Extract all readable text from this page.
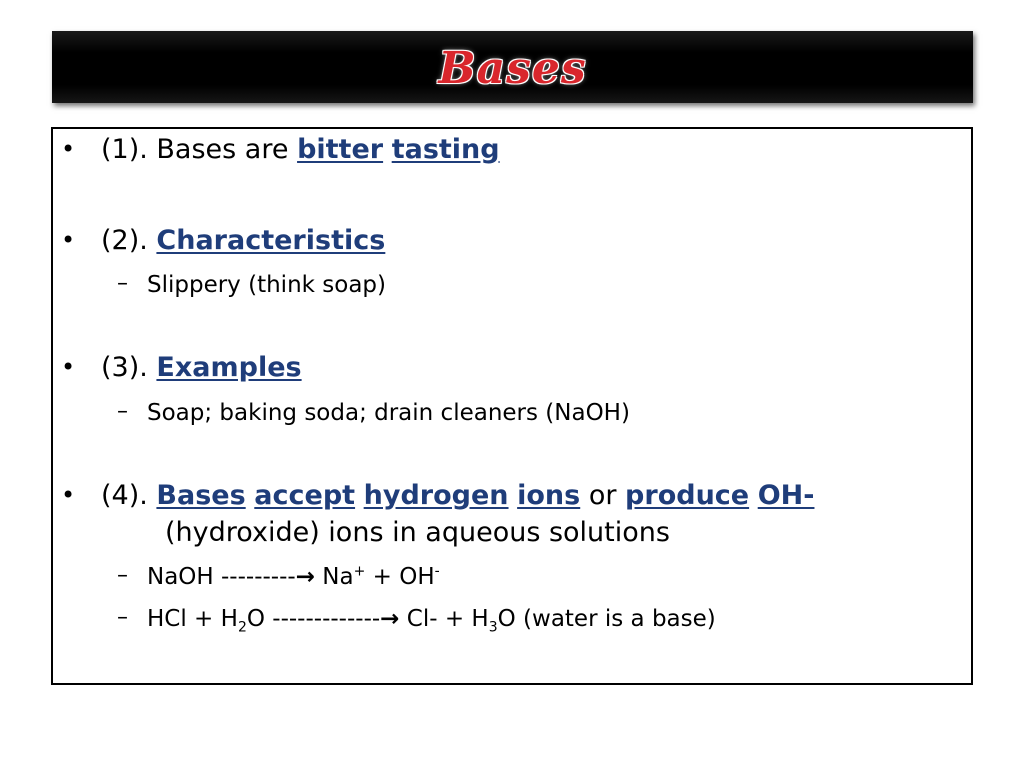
Bases
• (1). Bases are bitter tasting
• (2). Characteristics
– Slippery (think soap)
• (3). Examples
– Soap; baking soda; drain cleaners (NaOH)
• (4). Bases accept hydrogen ions or produce OH-
(hydroxide) ions in aqueous solutions
– NaOH ---------→ Na+ + OH-
– HCl + $H_2O$ -------------→ $Cl- + H_3O$ (water is a base)
